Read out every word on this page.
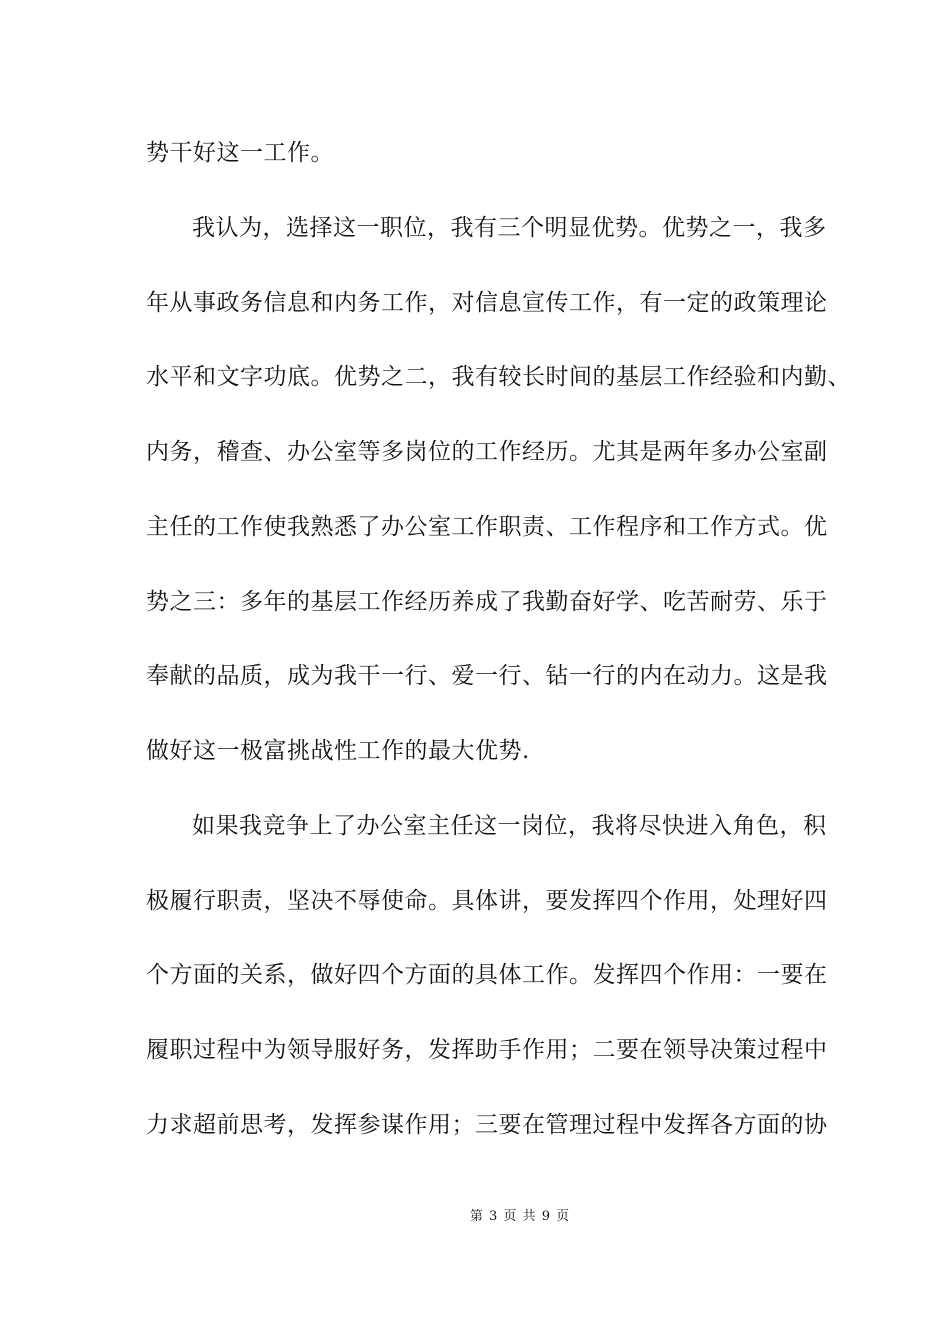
势干好这一工作。
我认为，选择这一职位，我有三个明显优势。优势之一，我多
年从事政务信息和内务工作，对信息宣传工作，有一定的政策理论
水平和文字功底。优势之二，我有较长时间的基层工作经验和内勤、
内务，稽查、办公室等多岗位的工作经历。尤其是两年多办公室副
主任的工作使我熟悉了办公室工作职责、工作程序和工作方式。优
势之三：多年的基层工作经历养成了我勤奋好学、吃苦耐劳、乐于
奉献的品质，成为我干一行、爱一行、钻一行的内在动力。这是我
做好这一极富挑战性工作的最大优势.
如果我竞争上了办公室主任这一岗位，我将尽快进入角色，积
极履行职责，坚决不辱使命。具体讲，要发挥四个作用，处理好四
个方面的关系，做好四个方面的具体工作。发挥四个作用：一要在
履职过程中为领导服好务，发挥助手作用；二要在领导决策过程中
力求超前思考，发挥参谋作用；三要在管理过程中发挥各方面的协
第 3 页 共 9 页
